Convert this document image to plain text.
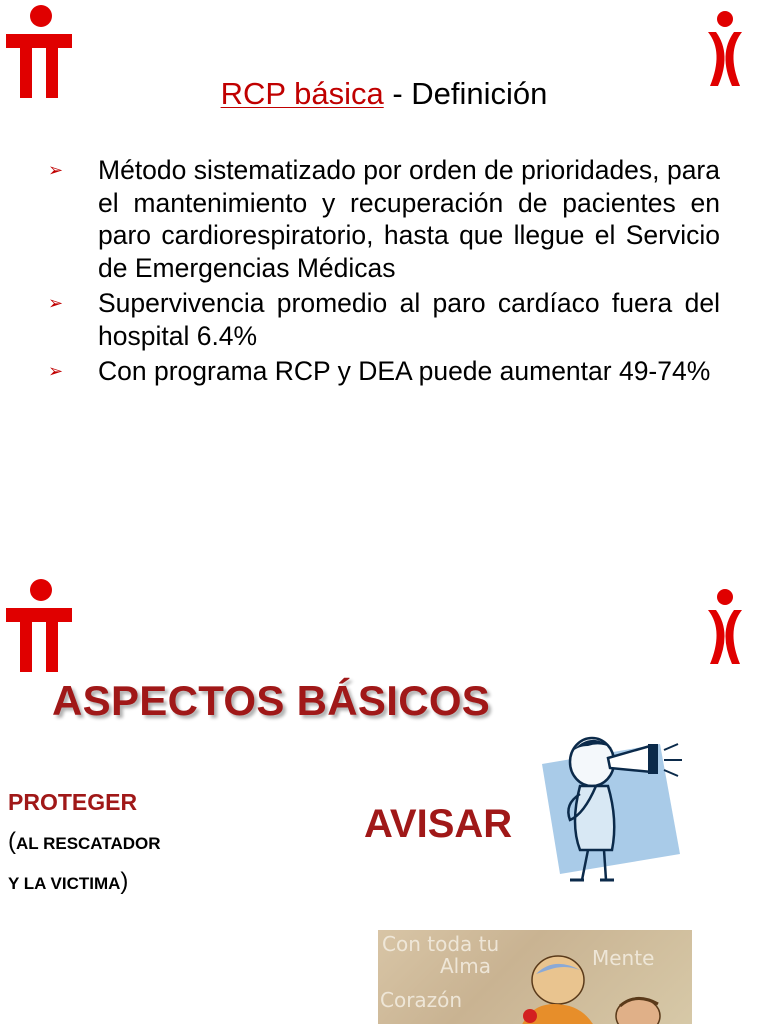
RCP básica - Definición
➢ Método sistematizado por orden de prioridades, para el mantenimiento y recuperación de pacientes en paro cardiorespiratorio, hasta que llegue el Servicio de Emergencias Médicas
➢ Supervivencia promedio al paro cardíaco fuera del hospital 6.4%
➢ Con programa RCP y DEA puede aumentar 49-74%
ASPECTOS BÁSICOS
PROTEGER
(AL RESCATADOR
Y LA VICTIMA)
AVISAR
Con toda tu
Alma	Mente
Corazón
